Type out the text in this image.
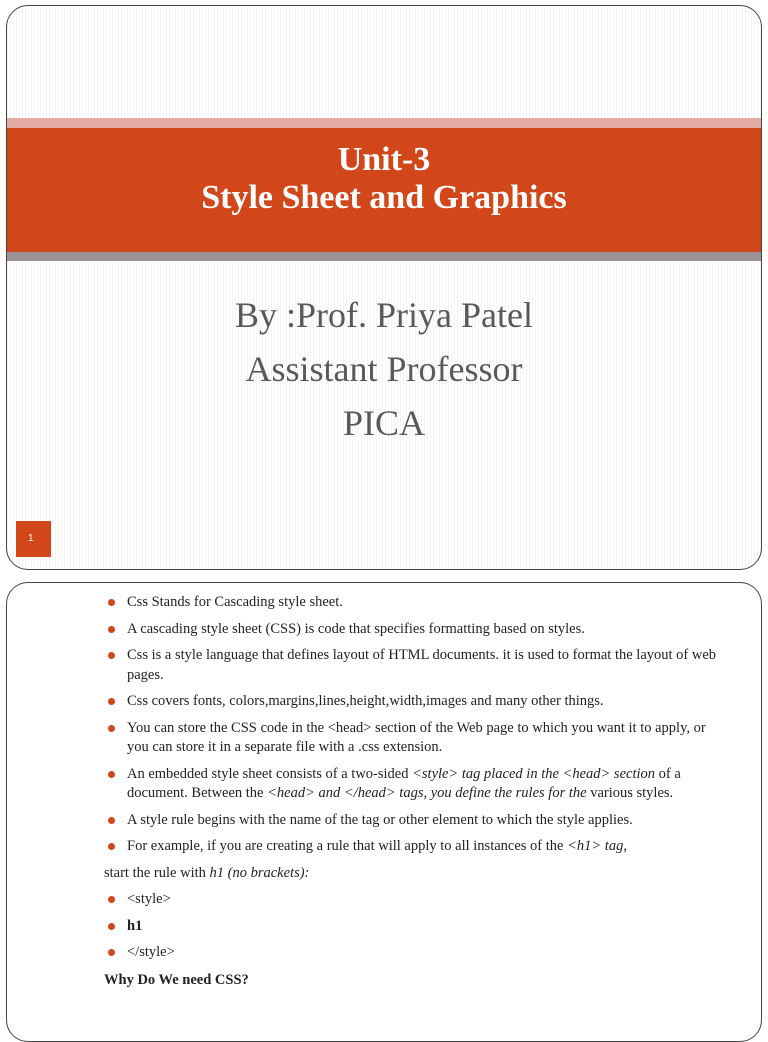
Unit-3
Style Sheet and Graphics
By :Prof. Priya Patel
Assistant Professor
PICA
1
Css Stands for Cascading style sheet.
A cascading style sheet (CSS) is code that specifies formatting based on styles.
Css is a style language that defines layout of HTML documents. it is used to format the layout of web pages.
Css covers fonts, colors,margins,lines,height,width,images and many other things.
You can store the CSS code in the <head> section of the Web page to which you want it to apply, or you can store it in a separate file with a .css extension.
An embedded style sheet consists of a two-sided <style> tag placed in the <head> section of a document. Between the <head> and </head> tags, you define the rules for the various styles.
A style rule begins with the name of the tag or other element to which the style applies.
For example, if you are creating a rule that will apply to all instances of the <h1> tag,
start the rule with h1 (no brackets):
<style>
h1
</style>
Why Do We need CSS?
